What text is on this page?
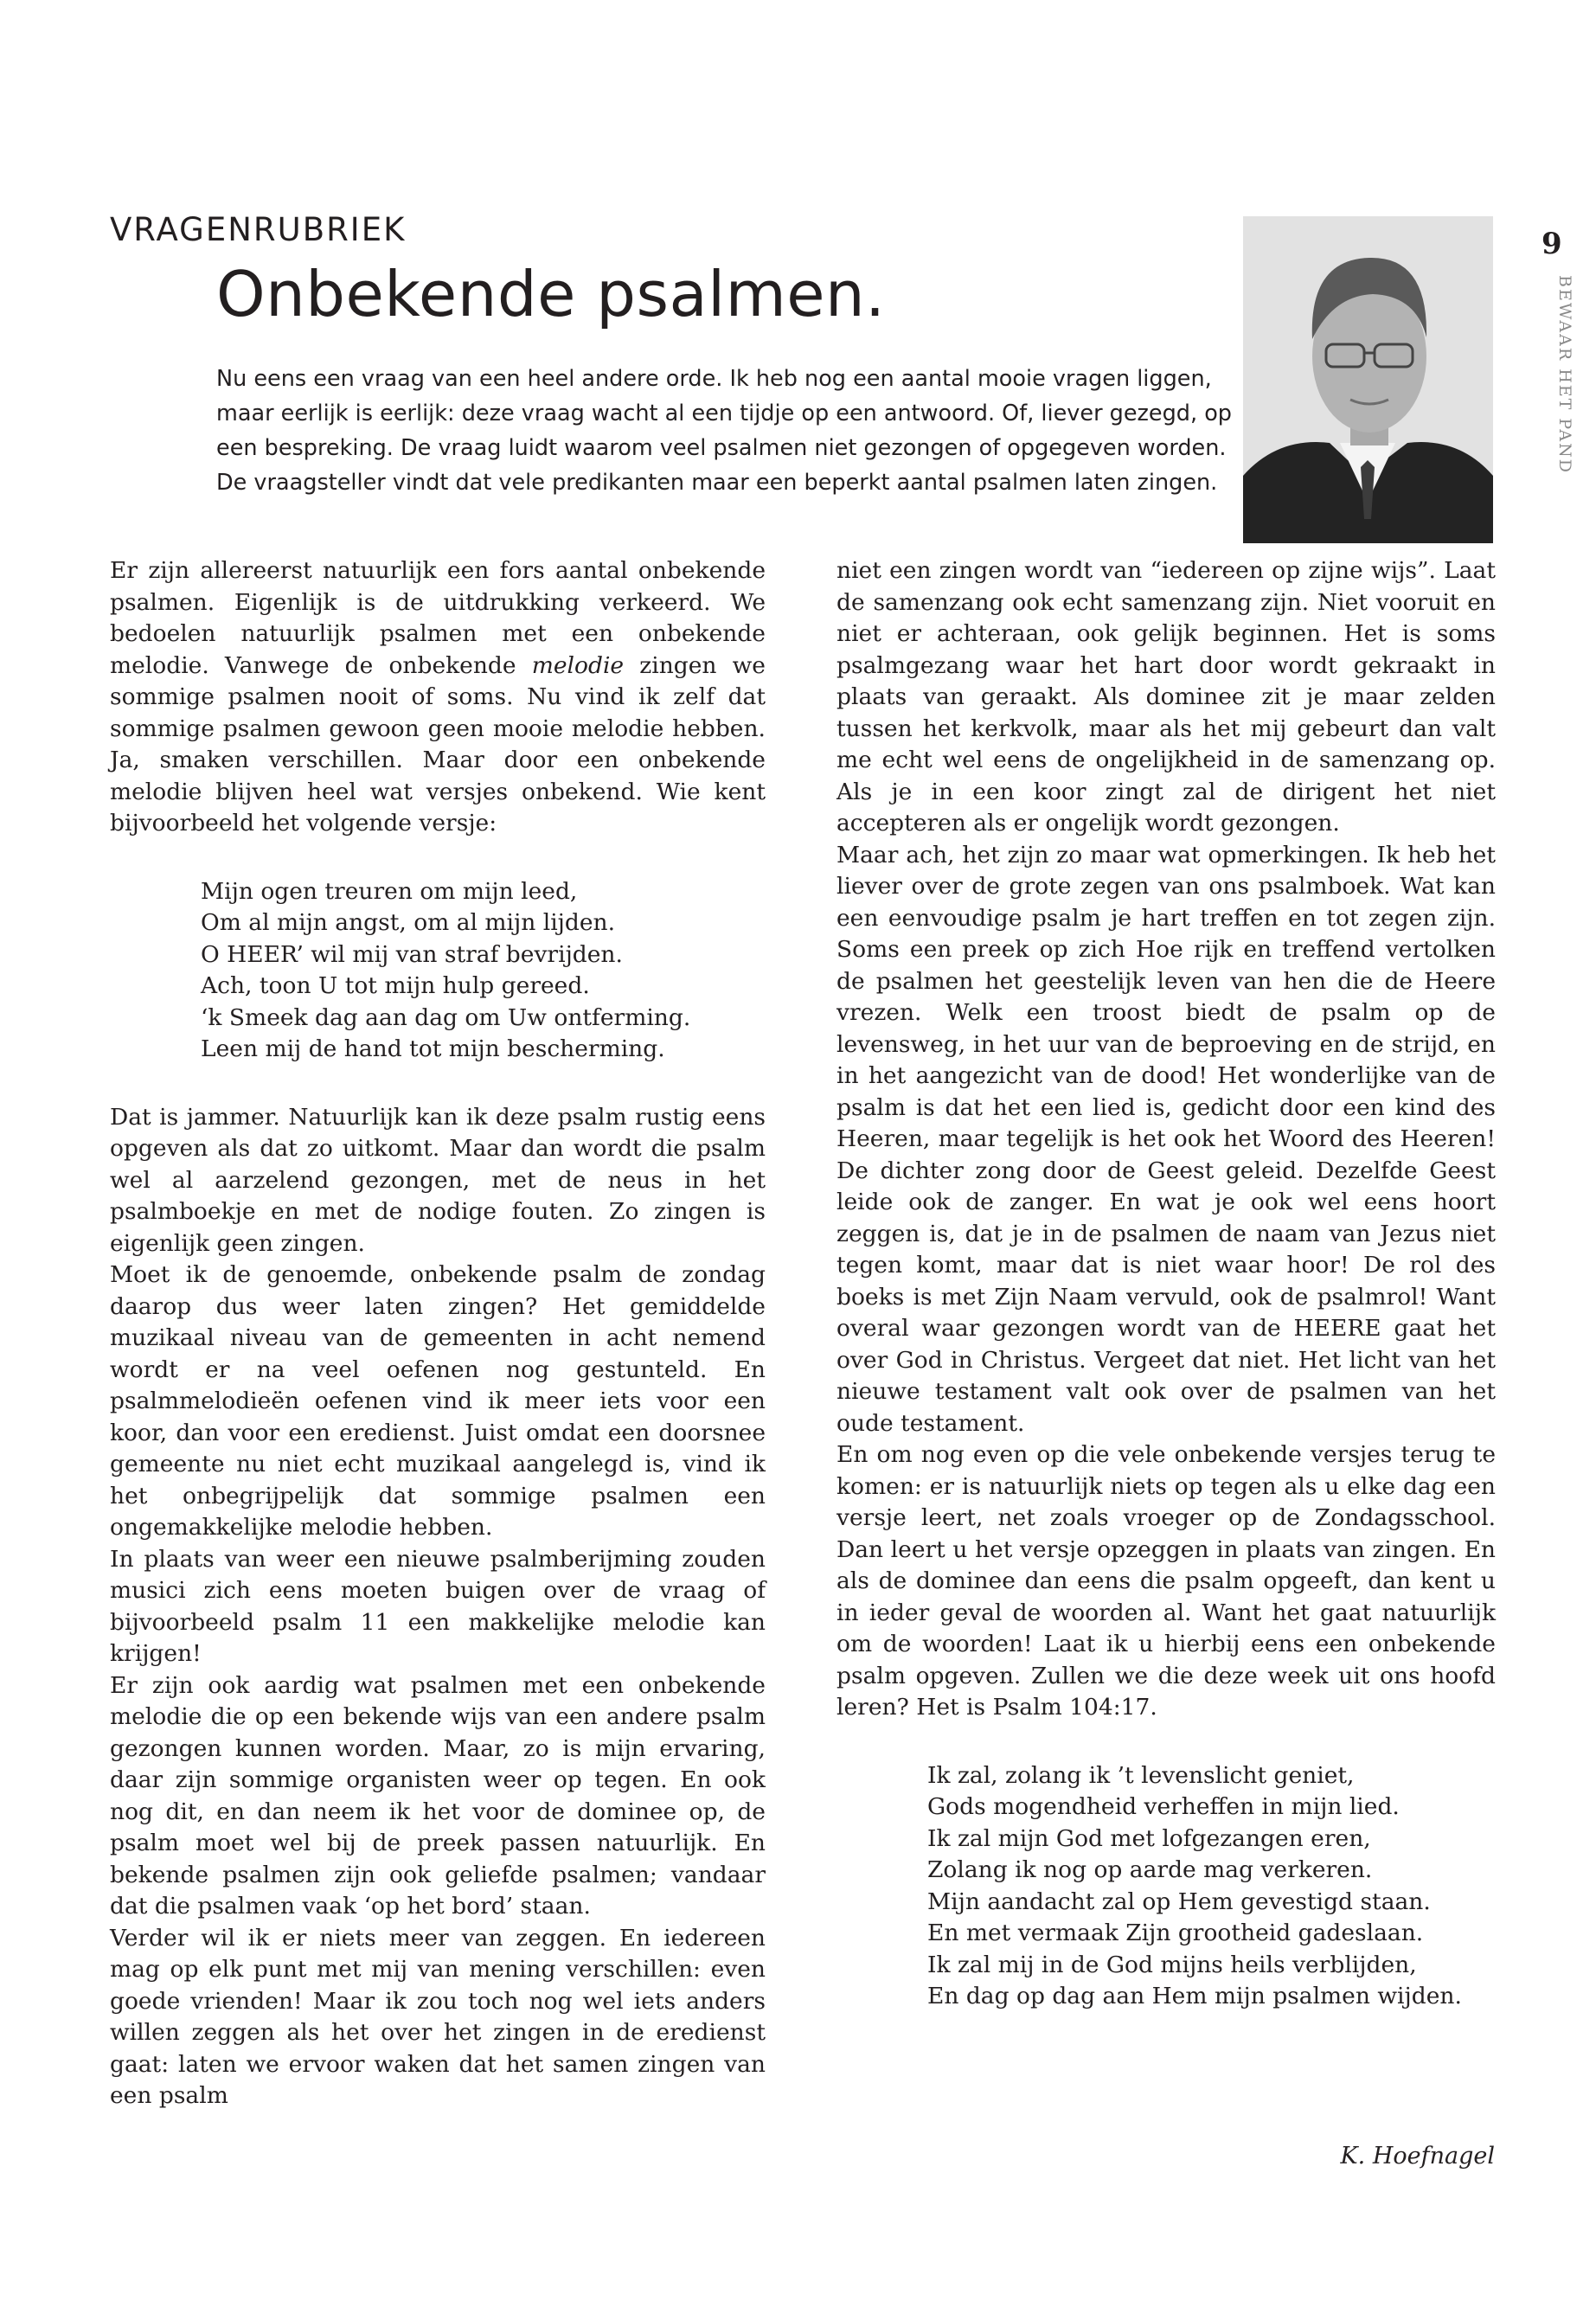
VRAGENRUBRIEK
Onbekende psalmen.

Nu eens een vraag van een heel andere orde. Ik heb nog een aantal mooie vragen liggen, maar eerlijk is eerlijk: deze vraag wacht al een tijdje op een antwoord. Of, liever gezegd, op een bespreking. De vraag luidt waarom veel psalmen niet gezongen of opgegeven worden. De vraagsteller vindt dat vele predikanten maar een beperkt aantal psalmen laten zingen.

9

BEWAAR HET PAND

Er zijn allereerst natuurlijk een fors aantal onbekende psalmen. Eigenlijk is de uitdrukking verkeerd. We bedoelen natuurlijk psalmen met een onbekende melodie. Vanwege de onbekende melodie zingen we sommige psalmen nooit of soms. Nu vind ik zelf dat sommige psalmen gewoon geen mooie melodie hebben. Ja, smaken verschillen. Maar door een onbekende melodie blijven heel wat versjes onbekend. Wie kent bijvoorbeeld het volgende versje:

Mijn ogen treuren om mijn leed,
Om al mijn angst, om al mijn lijden.
O HEER’ wil mij van straf bevrijden.
Ach, toon U tot mijn hulp gereed.
‘k Smeek dag aan dag om Uw ontferming.
Leen mij de hand tot mijn bescherming.

Dat is jammer. Natuurlijk kan ik deze psalm rustig eens opgeven als dat zo uitkomt. Maar dan wordt die psalm wel al aarzelend gezongen, met de neus in het psalmboekje en met de nodige fouten. Zo zingen is eigenlijk geen zingen.

Moet ik de genoemde, onbekende psalm de zondag daarop dus weer laten zingen? Het gemiddelde muzikaal niveau van de gemeenten in acht nemend wordt er na veel oefenen nog gestunteld. En psalmmelodieën oefenen vind ik meer iets voor een koor, dan voor een eredienst. Juist omdat een doorsnee gemeente nu niet echt muzikaal aangelegd is, vind ik het onbegrijpelijk dat sommige psalmen een ongemakkelijke melodie hebben.

In plaats van weer een nieuwe psalmberijming zouden musici zich eens moeten buigen over de vraag of bijvoorbeeld psalm 11 een makkelijke melodie kan krijgen!

Er zijn ook aardig wat psalmen met een onbekende melodie die op een bekende wijs van een andere psalm gezongen kunnen worden. Maar, zo is mijn ervaring, daar zijn sommige organisten weer op tegen. En ook nog dit, en dan neem ik het voor de dominee op, de psalm moet wel bij de preek passen natuurlijk. En bekende psalmen zijn ook geliefde psalmen; vandaar dat die psalmen vaak ‘op het bord’ staan.

Verder wil ik er niets meer van zeggen. En iedereen mag op elk punt met mij van mening verschillen: even goede vrienden! Maar ik zou toch nog wel iets anders willen zeggen als het over het zingen in de eredienst gaat: laten we ervoor waken dat het samen zingen van een psalm

niet een zingen wordt van “iedereen op zijne wijs”. Laat de samenzang ook echt samenzang zijn. Niet vooruit en niet er achteraan, ook gelijk beginnen. Het is soms psalmgezang waar het hart door wordt gekraakt in plaats van geraakt. Als dominee zit je maar zelden tussen het kerkvolk, maar als het mij gebeurt dan valt me echt wel eens de ongelijkheid in de samenzang op. Als je in een koor zingt zal de dirigent het niet accepteren als er ongelijk wordt gezongen.

Maar ach, het zijn zo maar wat opmerkingen. Ik heb het liever over de grote zegen van ons psalmboek. Wat kan een eenvoudige psalm je hart treffen en tot zegen zijn. Soms een preek op zich Hoe rijk en treffend vertolken de psalmen het geestelijk leven van hen die de Heere vrezen. Welk een troost biedt de psalm op de levensweg, in het uur van de beproeving en de strijd, en in het aangezicht van de dood! Het wonderlijke van de psalm is dat het een lied is, gedicht door een kind des Heeren, maar tegelijk is het ook het Woord des Heeren! De dichter zong door de Geest geleid. Dezelfde Geest leide ook de zanger. En wat je ook wel eens hoort zeggen is, dat je in de psalmen de naam van Jezus niet tegen komt, maar dat is niet waar hoor! De rol des boeks is met Zijn Naam vervuld, ook de psalmrol! Want overal waar gezongen wordt van de HEERE gaat het over God in Christus. Vergeet dat niet. Het licht van het nieuwe testament valt ook over de psalmen van het oude testament.

En om nog even op die vele onbekende versjes terug te komen: er is natuurlijk niets op tegen als u elke dag een versje leert, net zoals vroeger op de Zondagsschool. Dan leert u het versje opzeggen in plaats van zingen. En als de dominee dan eens die psalm opgeeft, dan kent u in ieder geval de woorden al. Want het gaat natuurlijk om de woorden! Laat ik u hierbij eens een onbekende psalm opgeven. Zullen we die deze week uit ons hoofd leren? Het is Psalm 104:17.

Ik zal, zolang ik ’t levenslicht geniet,
Gods mogendheid verheffen in mijn lied.
Ik zal mijn God met lofgezangen eren,
Zolang ik nog op aarde mag verkeren.
Mijn aandacht zal op Hem gevestigd staan.
En met vermaak Zijn grootheid gadeslaan.
Ik zal mij in de God mijns heils verblijden,
En dag op dag aan Hem mijn psalmen wijden.

K. Hoefnagel
